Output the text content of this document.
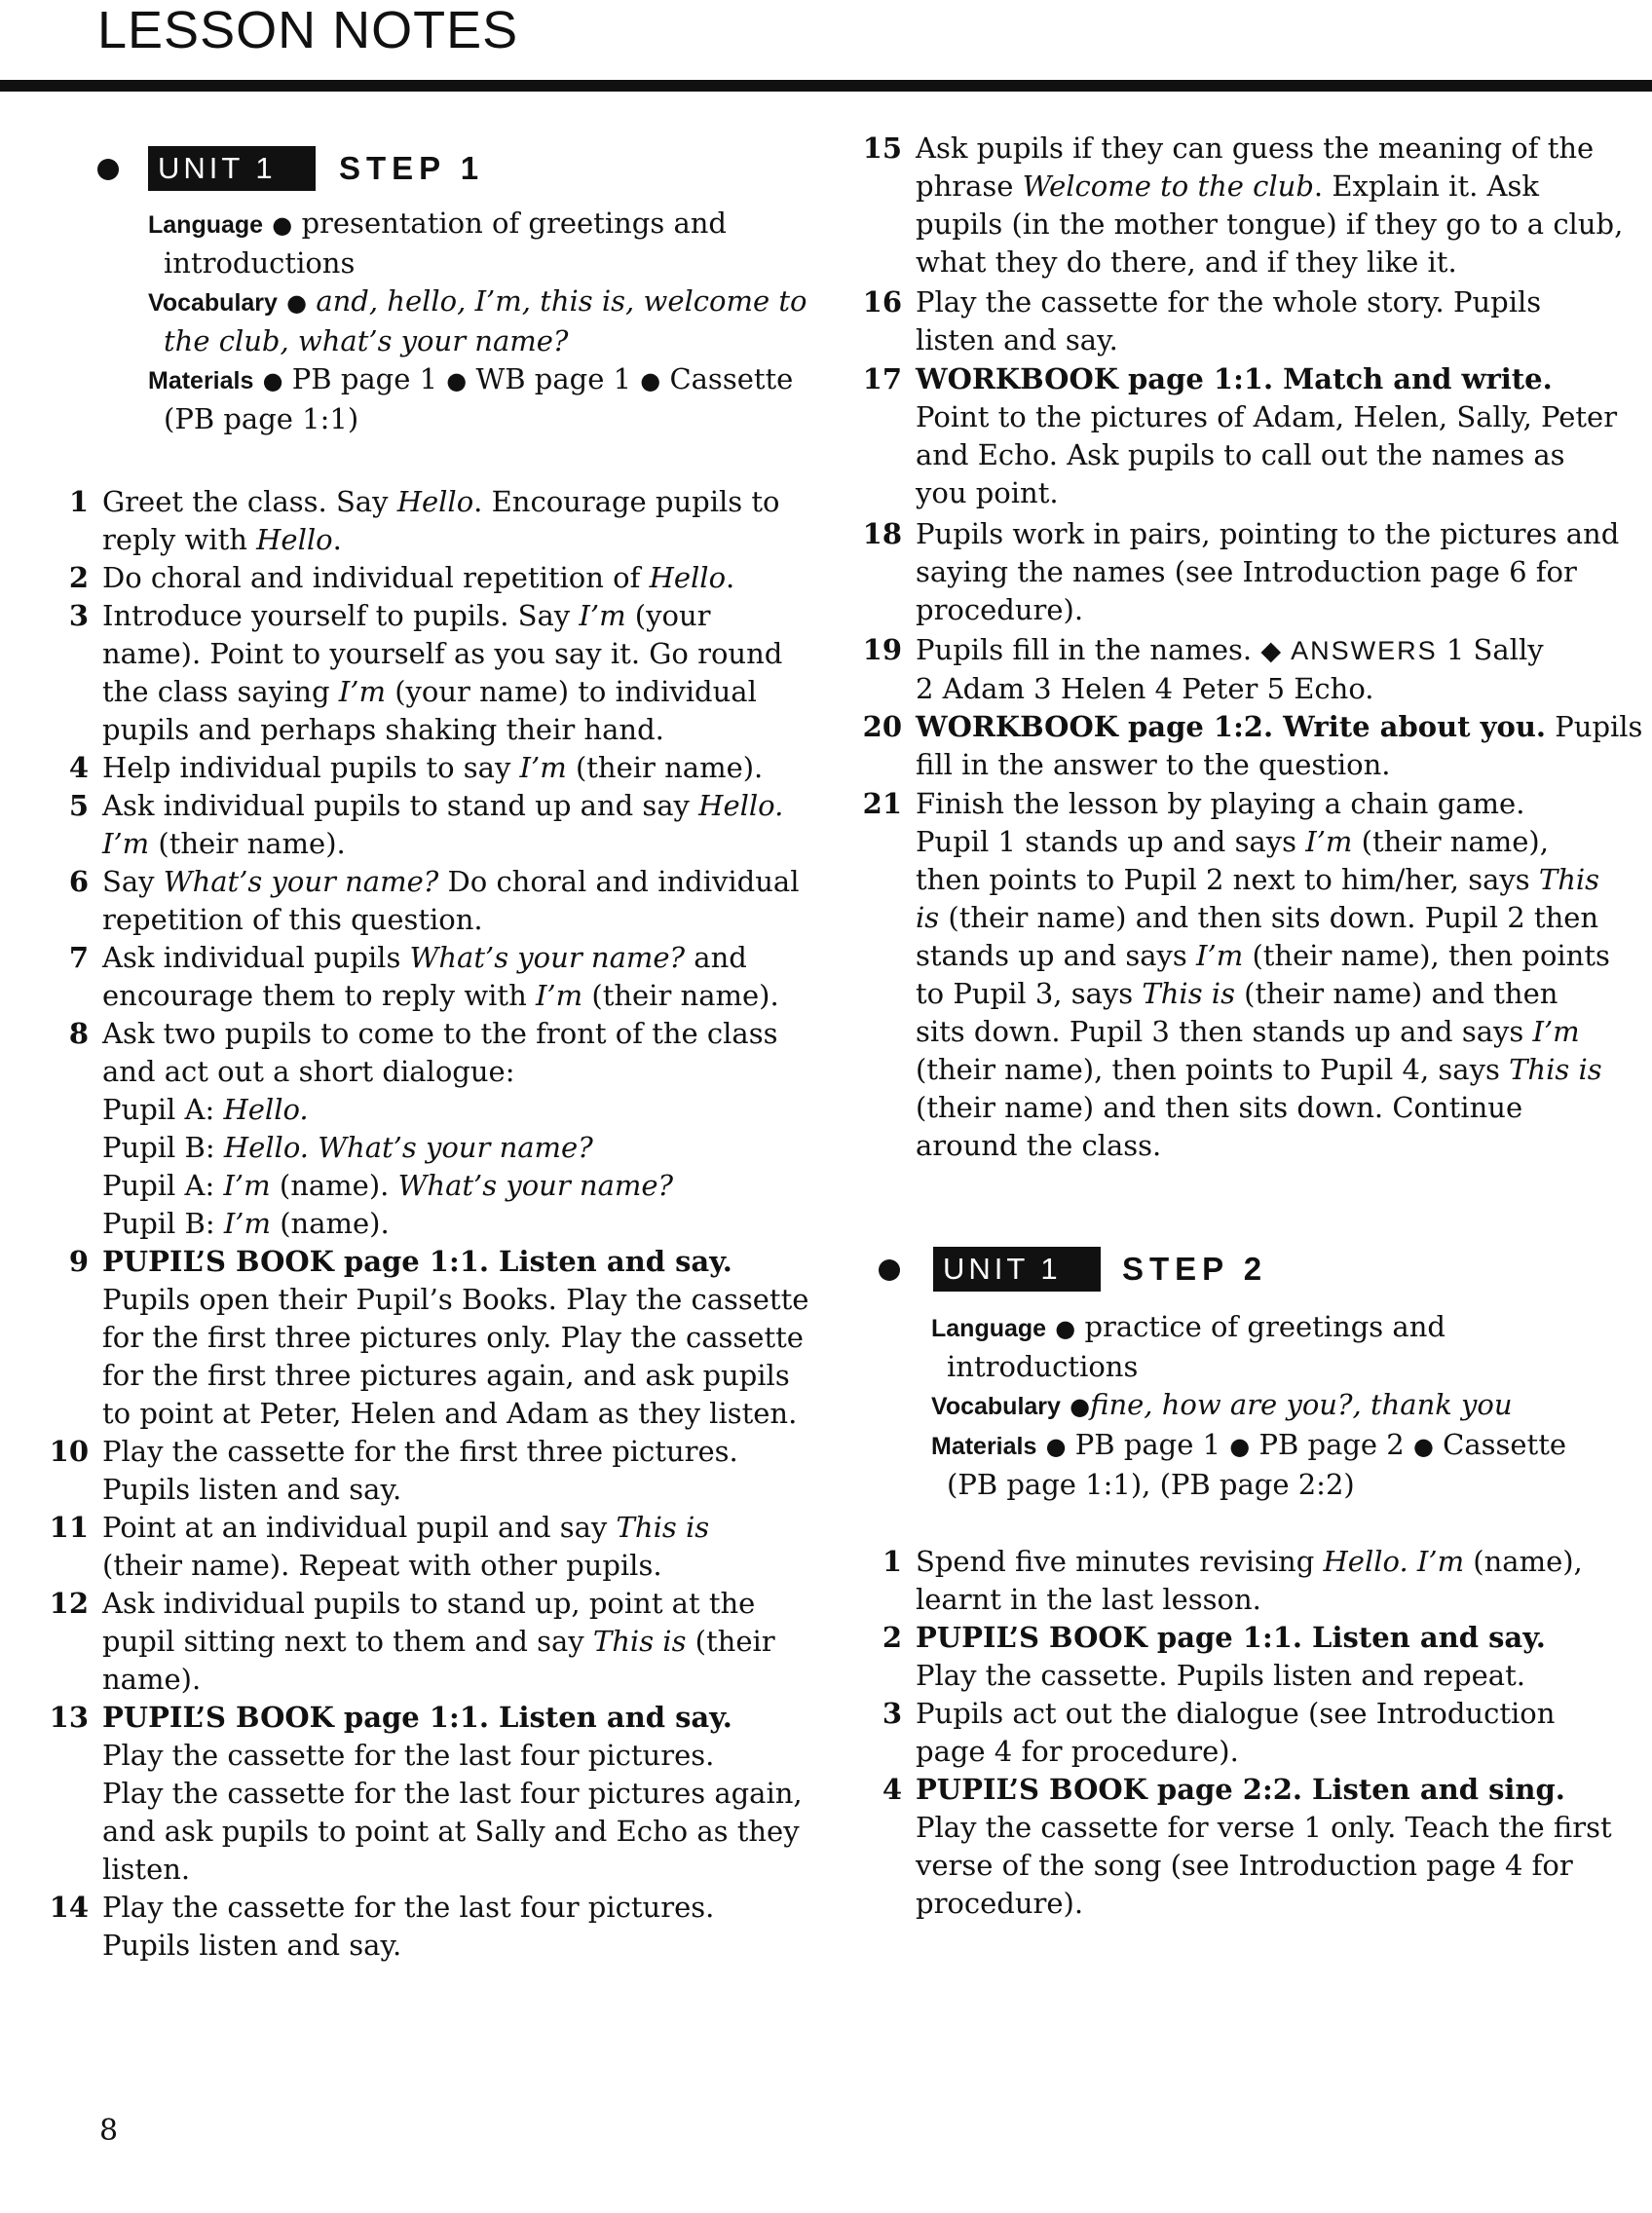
LESSON NOTES
UNIT 1	STEP 1
Language ● presentation of greetings and
introductions
Vocabulary ● and, hello, I’m, this is, welcome to
the club, what’s your name?
Materials ● PB page 1 ● WB page 1 ● Cassette
(PB page 1:1)
1 Greet the class. Say Hello. Encourage pupils to
reply with Hello.
2 Do choral and individual repetition of Hello.
3 Introduce yourself to pupils. Say I’m (your
name). Point to yourself as you say it. Go round
the class saying I’m (your name) to individual
pupils and perhaps shaking their hand.
4 Help individual pupils to say I’m (their name).
5 Ask individual pupils to stand up and say Hello.
I’m (their name).
6 Say What’s your name? Do choral and individual
repetition of this question.
7 Ask individual pupils What’s your name? and
encourage them to reply with I’m (their name).
8 Ask two pupils to come to the front of the class
and act out a short dialogue:
Pupil A: Hello.
Pupil B: Hello. What’s your name?
Pupil A: I’m (name). What’s your name?
Pupil B: I’m (name).
9 PUPIL’S BOOK page 1:1. Listen and say.
Pupils open their Pupil’s Books. Play the cassette
for the first three pictures only. Play the cassette
for the first three pictures again, and ask pupils
to point at Peter, Helen and Adam as they listen.
10 Play the cassette for the first three pictures.
Pupils listen and say.
11 Point at an individual pupil and say This is
(their name). Repeat with other pupils.
12 Ask individual pupils to stand up, point at the
pupil sitting next to them and say This is (their
name).
13 PUPIL’S BOOK page 1:1. Listen and say.
Play the cassette for the last four pictures.
Play the cassette for the last four pictures again,
and ask pupils to point at Sally and Echo as they
listen.
14 Play the cassette for the last four pictures.
Pupils listen and say.
15 Ask pupils if they can guess the meaning of the
phrase Welcome to the club. Explain it. Ask
pupils (in the mother tongue) if they go to a club,
what they do there, and if they like it.
16 Play the cassette for the whole story. Pupils
listen and say.
17 WORKBOOK page 1:1. Match and write.
Point to the pictures of Adam, Helen, Sally, Peter
and Echo. Ask pupils to call out the names as
you point.
18 Pupils work in pairs, pointing to the pictures and
saying the names (see Introduction page 6 for
procedure).
19 Pupils fill in the names. ◆ ANSWERS 1 Sally
2 Adam 3 Helen 4 Peter 5 Echo.
20 WORKBOOK page 1:2. Write about you. Pupils
fill in the answer to the question.
21 Finish the lesson by playing a chain game.
Pupil 1 stands up and says I’m (their name),
then points to Pupil 2 next to him/her, says This
is (their name) and then sits down. Pupil 2 then
stands up and says I’m (their name), then points
to Pupil 3, says This is (their name) and then
sits down. Pupil 3 then stands up and says I’m
(their name), then points to Pupil 4, says This is
(their name) and then sits down. Continue
around the class.
UNIT 1	STEP 2
Language ● practice of greetings and
introductions
Vocabulary ●fine, how are you?, thank you
Materials ● PB page 1 ● PB page 2 ● Cassette
(PB page 1:1), (PB page 2:2)
1 Spend five minutes revising Hello. I’m (name),
learnt in the last lesson.
2 PUPIL’S BOOK page 1:1. Listen and say.
Play the cassette. Pupils listen and repeat.
3 Pupils act out the dialogue (see Introduction
page 4 for procedure).
4 PUPIL’S BOOK page 2:2. Listen and sing.
Play the cassette for verse 1 only. Teach the first
verse of the song (see Introduction page 4 for
procedure).
8
